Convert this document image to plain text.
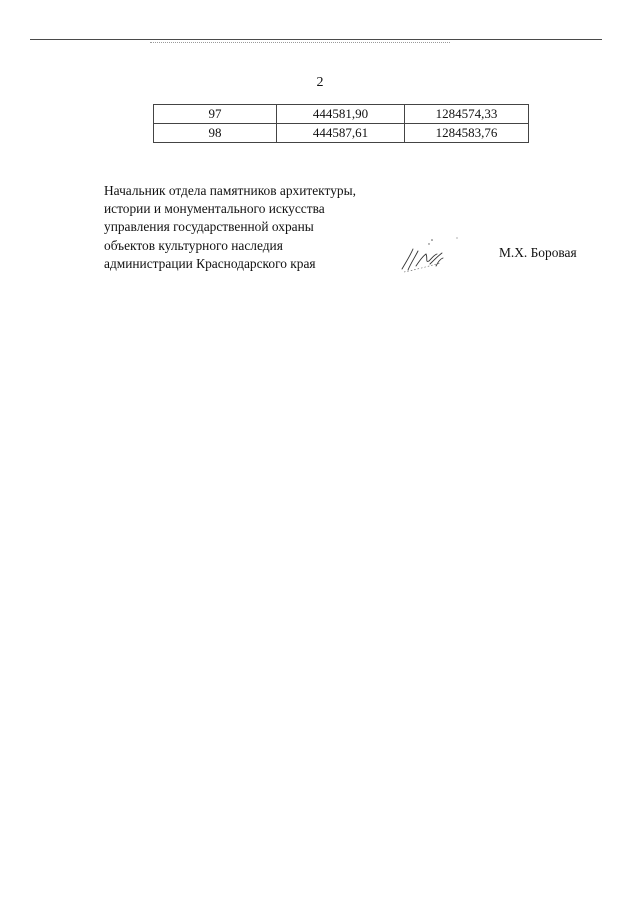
2
97	444581,90	1284574,33
98	444587,61	1284583,76
Начальник отдела памятников архитектуры,
истории и монументального искусства
управления государственной охраны
объектов культурного наследия
администрации Краснодарского края
М.Х. Боровая
